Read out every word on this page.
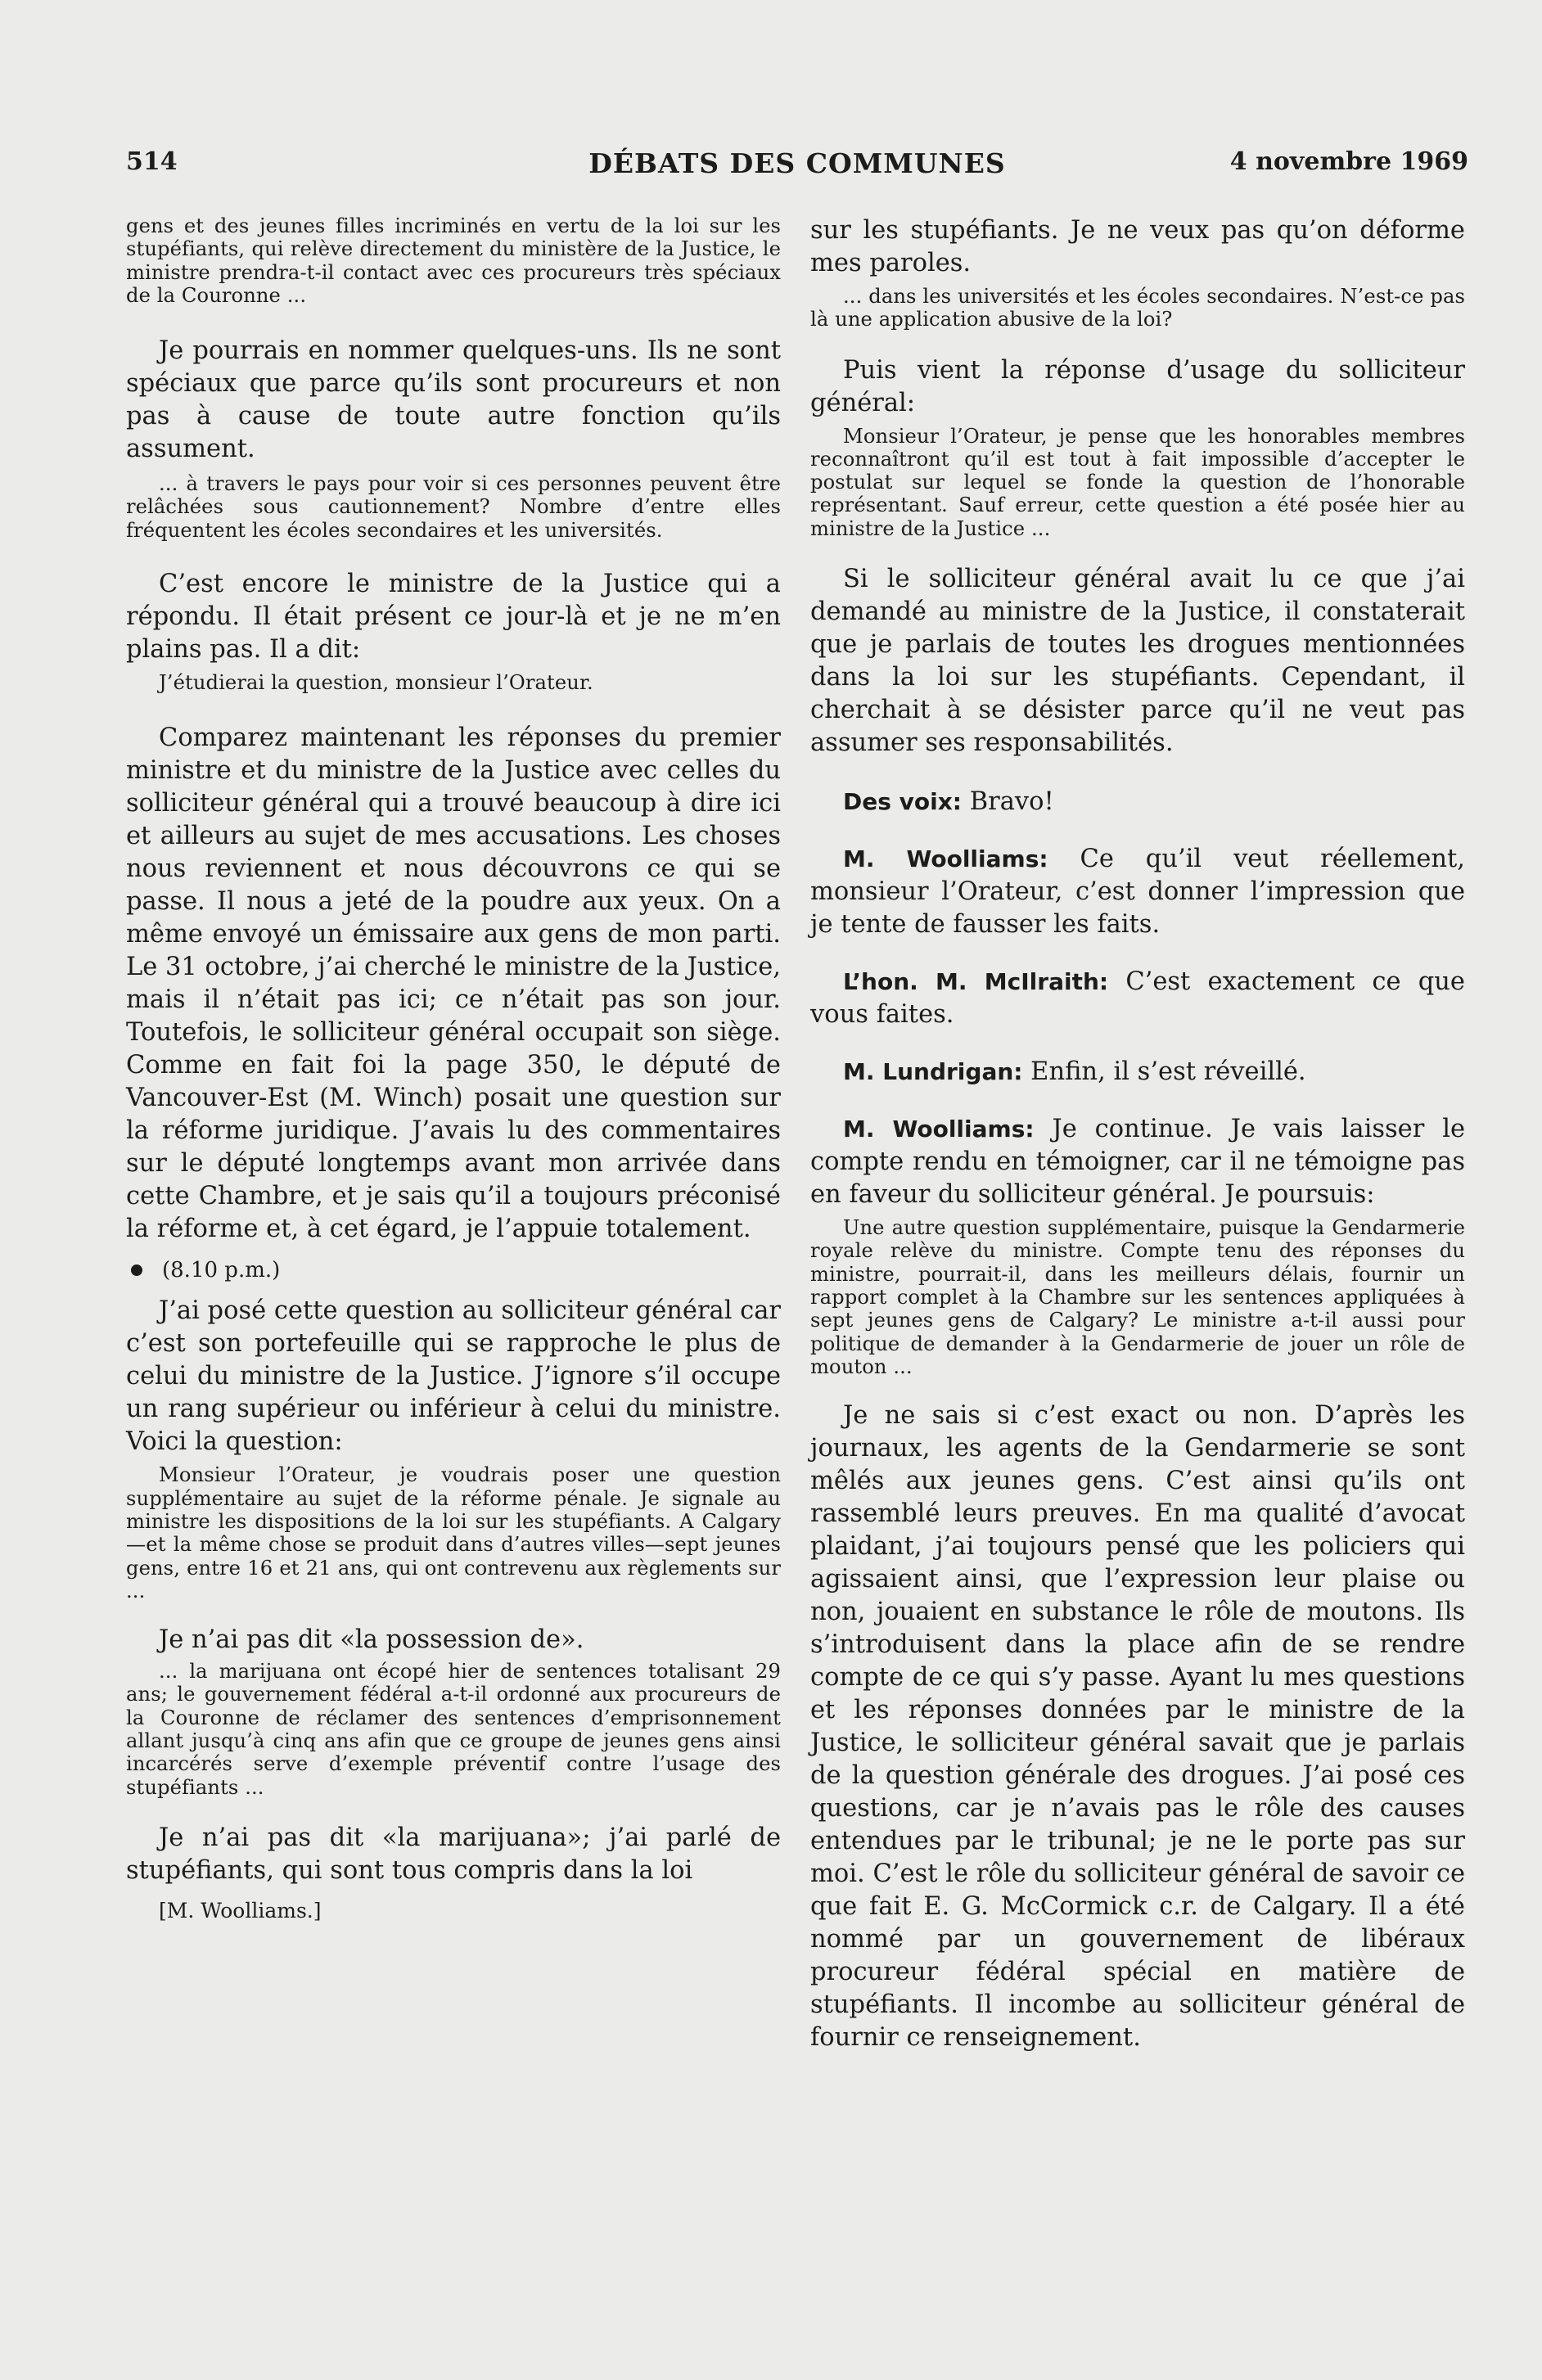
514	DÉBATS DES COMMUNES	4 novembre 1969

gens et des jeunes filles incriminés en vertu de la loi sur les stupéfiants, qui relève directement du ministère de la Justice, le ministre prendra-t-il contact avec ces procureurs très spéciaux de la Couronne ...

Je pourrais en nommer quelques-uns. Ils ne sont spéciaux que parce qu’ils sont procureurs et non pas à cause de toute autre fonction qu’ils assument.

... à travers le pays pour voir si ces personnes peuvent être relâchées sous cautionnement? Nombre d’entre elles fréquentent les écoles secondaires et les universités.

C’est encore le ministre de la Justice qui a répondu. Il était présent ce jour-là et je ne m’en plains pas. Il a dit:

J’étudierai la question, monsieur l’Orateur.

Comparez maintenant les réponses du premier ministre et du ministre de la Justice avec celles du solliciteur général qui a trouvé beaucoup à dire ici et ailleurs au sujet de mes accusations. Les choses nous reviennent et nous découvrons ce qui se passe. Il nous a jeté de la poudre aux yeux. On a même envoyé un émissaire aux gens de mon parti. Le 31 octobre, j’ai cherché le ministre de la Justice, mais il n’était pas ici; ce n’était pas son jour. Toutefois, le solliciteur général occupait son siège. Comme en fait foi la page 350, le député de Vancouver-Est (M. Winch) posait une question sur la réforme juridique. J’avais lu des commentaires sur le député longtemps avant mon arrivée dans cette Chambre, et je sais qu’il a toujours préconisé la réforme et, à cet égard, je l’appuie totalement.

(8.10 p.m.)

J’ai posé cette question au solliciteur général car c’est son portefeuille qui se rapproche le plus de celui du ministre de la Justice. J’ignore s’il occupe un rang supérieur ou inférieur à celui du ministre. Voici la question:

Monsieur l’Orateur, je voudrais poser une question supplémentaire au sujet de la réforme pénale. Je signale au ministre les dispositions de la loi sur les stupéfiants. A Calgary—et la même chose se produit dans d’autres villes—sept jeunes gens, entre 16 et 21 ans, qui ont contrevenu aux règlements sur ...

Je n’ai pas dit «la possession de».

... la marijuana ont écopé hier de sentences totalisant 29 ans; le gouvernement fédéral a-t-il ordonné aux procureurs de la Couronne de réclamer des sentences d’emprisonnement allant jusqu’à cinq ans afin que ce groupe de jeunes gens ainsi incarcérés serve d’exemple préventif contre l’usage des stupéfiants ...

Je n’ai pas dit «la marijuana»; j’ai parlé de stupéfiants, qui sont tous compris dans la loi

[M. Woolliams.]

sur les stupéfiants. Je ne veux pas qu’on déforme mes paroles.

... dans les universités et les écoles secondaires. N’est-ce pas là une application abusive de la loi?

Puis vient la réponse d’usage du solliciteur général:

Monsieur l’Orateur, je pense que les honorables membres reconnaîtront qu’il est tout à fait impossible d’accepter le postulat sur lequel se fonde la question de l’honorable représentant. Sauf erreur, cette question a été posée hier au ministre de la Justice ...

Si le solliciteur général avait lu ce que j’ai demandé au ministre de la Justice, il constaterait que je parlais de toutes les drogues mentionnées dans la loi sur les stupéfiants. Cependant, il cherchait à se désister parce qu’il ne veut pas assumer ses responsabilités.

Des voix: Bravo!

M. Woolliams: Ce qu’il veut réellement, monsieur l’Orateur, c’est donner l’impression que je tente de fausser les faits.

L’hon. M. McIlraith: C’est exactement ce que vous faites.

M. Lundrigan: Enfin, il s’est réveillé.

M. Woolliams: Je continue. Je vais laisser le compte rendu en témoigner, car il ne témoigne pas en faveur du solliciteur général. Je poursuis:

Une autre question supplémentaire, puisque la Gendarmerie royale relève du ministre. Compte tenu des réponses du ministre, pourrait-il, dans les meilleurs délais, fournir un rapport complet à la Chambre sur les sentences appliquées à sept jeunes gens de Calgary? Le ministre a-t-il aussi pour politique de demander à la Gendarmerie de jouer un rôle de mouton ...

Je ne sais si c’est exact ou non. D’après les journaux, les agents de la Gendarmerie se sont mêlés aux jeunes gens. C’est ainsi qu’ils ont rassemblé leurs preuves. En ma qualité d’avocat plaidant, j’ai toujours pensé que les policiers qui agissaient ainsi, que l’expression leur plaise ou non, jouaient en substance le rôle de moutons. Ils s’introduisent dans la place afin de se rendre compte de ce qui s’y passe. Ayant lu mes questions et les réponses données par le ministre de la Justice, le solliciteur général savait que je parlais de la question générale des drogues. J’ai posé ces questions, car je n’avais pas le rôle des causes entendues par le tribunal; je ne le porte pas sur moi. C’est le rôle du solliciteur général de savoir ce que fait E. G. McCormick c.r. de Calgary. Il a été nommé par un gouvernement de libéraux procureur fédéral spécial en matière de stupéfiants. Il incombe au solliciteur général de fournir ce renseignement.
